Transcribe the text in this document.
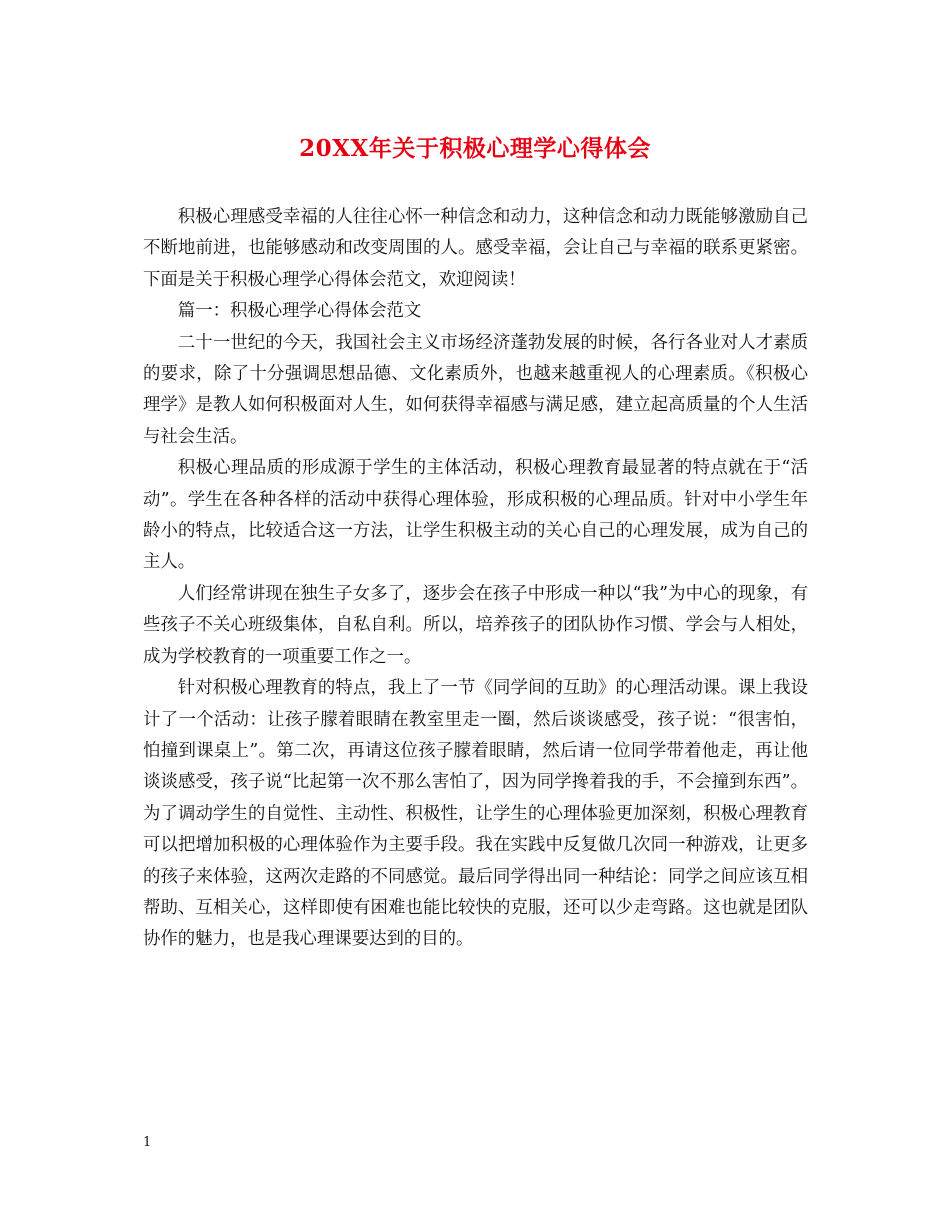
20XX年关于积极心理学心得体会

积极心理感受幸福的人往往心怀一种信念和动力，这种信念和动力既能够激励自己不断地前进，也能够感动和改变周围的人。感受幸福，会让自己与幸福的联系更紧密。下面是关于积极心理学心得体会范文，欢迎阅读！

篇一：积极心理学心得体会范文

二十一世纪的今天，我国社会主义市场经济蓬勃发展的时候，各行各业对人才素质的要求，除了十分强调思想品德、文化素质外，也越来越重视人的心理素质。《积极心理学》是教人如何积极面对人生，如何获得幸福感与满足感，建立起高质量的个人生活与社会生活。

积极心理品质的形成源于学生的主体活动，积极心理教育最显著的特点就在于“活动”。学生在各种各样的活动中获得心理体验，形成积极的心理品质。针对中小学生年龄小的特点，比较适合这一方法，让学生积极主动的关心自己的心理发展，成为自己的主人。

人们经常讲现在独生子女多了，逐步会在孩子中形成一种以“我”为中心的现象，有些孩子不关心班级集体，自私自利。所以，培养孩子的团队协作习惯、学会与人相处，成为学校教育的一项重要工作之一。

针对积极心理教育的特点，我上了一节《同学间的互助》的心理活动课。课上我设计了一个活动：让孩子朦着眼睛在教室里走一圈，然后谈谈感受，孩子说：“很害怕，怕撞到课桌上”。第二次，再请这位孩子朦着眼睛，然后请一位同学带着他走，再让他谈谈感受，孩子说“比起第一次不那么害怕了，因为同学搀着我的手，不会撞到东西”。为了调动学生的自觉性、主动性、积极性，让学生的心理体验更加深刻，积极心理教育可以把增加积极的心理体验作为主要手段。我在实践中反复做几次同一种游戏，让更多的孩子来体验，这两次走路的不同感觉。最后同学得出同一种结论：同学之间应该互相帮助、互相关心，这样即使有困难也能比较快的克服，还可以少走弯路。这也就是团队协作的魅力，也是我心理课要达到的目的。

1
